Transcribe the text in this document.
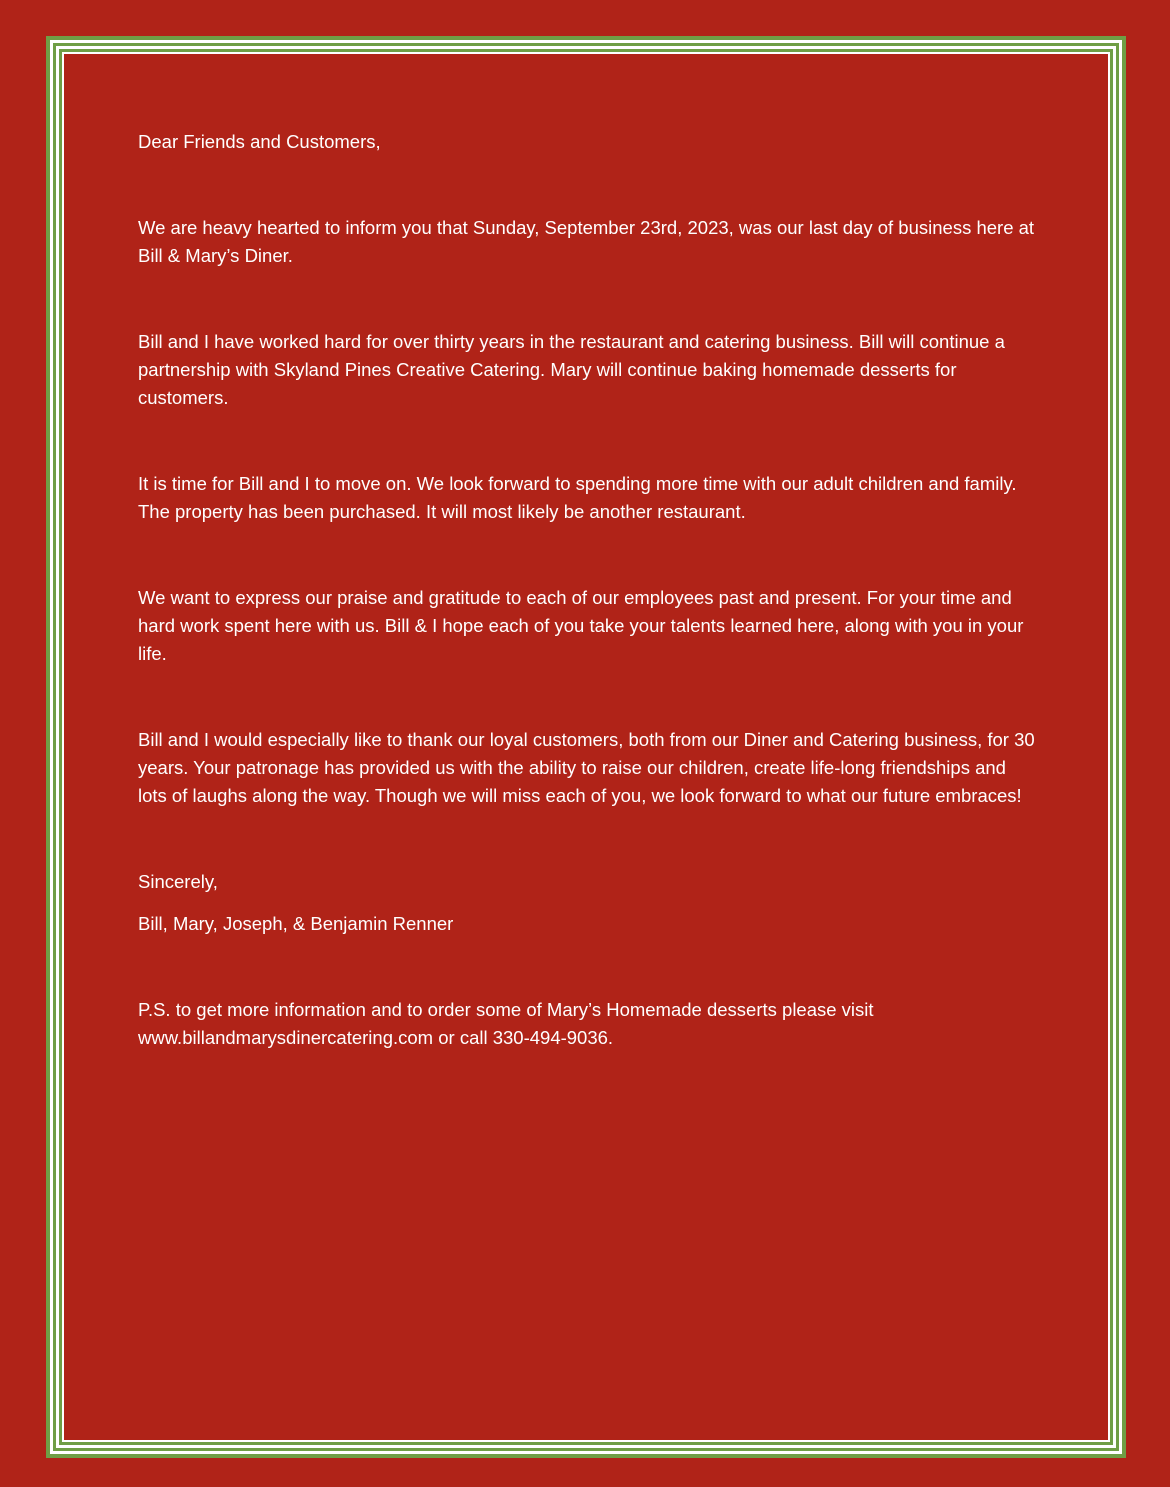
Dear Friends and Customers,

We are heavy hearted to inform you that Sunday, September 23rd, 2023, was our last day of business here at Bill & Mary’s Diner.

Bill and I have worked hard for over thirty years in the restaurant and catering business. Bill will continue a partnership with Skyland Pines Creative Catering. Mary will continue baking homemade desserts for customers.

It is time for Bill and I to move on. We look forward to spending more time with our adult children and family. The property has been purchased. It will most likely be another restaurant.

We want to express our praise and gratitude to each of our employees past and present. For your time and hard work spent here with us. Bill & I hope each of you take your talents learned here, along with you in your life.

Bill and I would especially like to thank our loyal customers, both from our Diner and Catering business, for 30 years. Your patronage has provided us with the ability to raise our children, create life-long friendships and lots of laughs along the way. Though we will miss each of you, we look forward to what our future embraces!

Sincerely,

Bill, Mary, Joseph, & Benjamin Renner

P.S. to get more information and to order some of Mary’s Homemade desserts please visit www.billandmarysdinercatering.com or call 330-494-9036.
